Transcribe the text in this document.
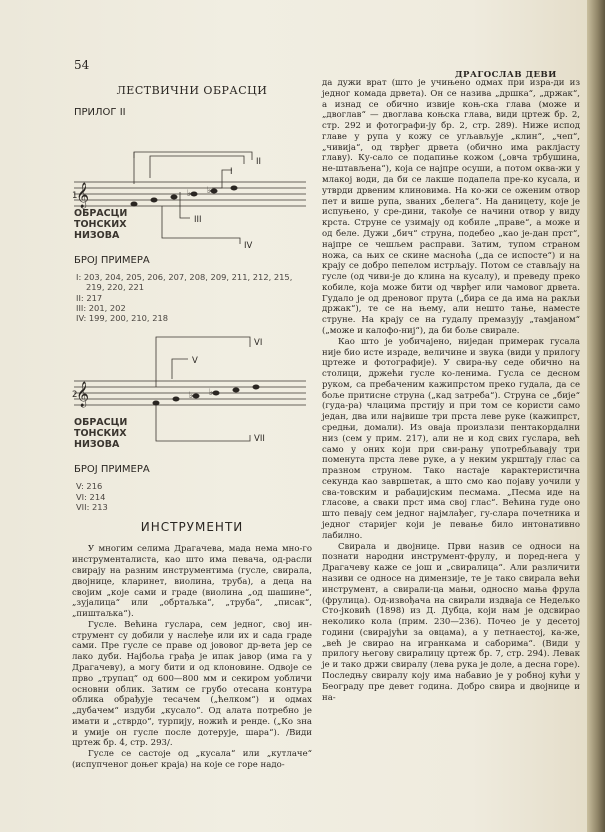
54
ДРАГОСЛАВ ДЕВИ
ЛЕСТВИЧНИ ОБРАСЦИ
ПРИЛОГ II
𝄞	♭ ♭
1
II
I
III
IV
ОБРАСЦИ
ТОНСКИХ
НИЗОВА
БРОЈ ПРИМЕРА
I: 203, 204, 205, 206, 207, 208, 209, 211, 212, 215,
219, 220, 221
II: 217
III: 201, 202
IV: 199, 200, 210, 218
𝄞	♭ ♭
2
VI
V
VII
ОБРАСЦИ
ТОНСКИХ
НИЗОВА
БРОЈ ПРИМЕРА
V: 216
VI: 214
VII: 213
ИНСТРУМЕНТИ

У многим селима Драгачева, мада нема мно-го инструменталиста, као што има певача, од-расли свирају на разним инструментима (гусле, свирала, двојнице, кларинет, виолина, труба), а деца на својим „које сами и граде (виолина „од шашине“, „зујалица“ или „обртаљка“, „труба“, „писак“, „пиштаљка“).

Гусле. Већина гуслара, сем једног, свој ин-струмент су добили у наслеђе или их и сада граде сами. Пре гусле се праве од јововог др-вета јер се лако дуби. Најбоља грађа је ипак јавор (има га у Драгачеву), а могу бити и од клоновине. Одвоје се прво „трупац“ од 600—800 мм и секиром уобличи основни облик. Затим се грубо отесана контура облика обрађује тесачем („ћелком“) и одмах „дубачем“ издуби „кусало“. Од алата потребно је имати и „стврдо“, турпију, ножић и ренде. („Ко зна и умије он гусле после дотерује, шара“). /Види цртеж бр. 4, стр. 293/.

Гусле се састоје од „кусала“ или „кутлаче“ (испупченог доњег краја) на које се горе надо-

да дужи врат (што је учињено одмах при изра-ди из једног комада дрвета). Он се назива „дршка“, „држак“, а изнад се обично извије коњ-ска глава (може и „двоглав“ — двоглава коњска глава, види цртеж бр. 2, стр. 292 и фотографи-ју бр. 2, стр. 289). Ниже испод главе у рупа у кожу се угљављује „клин“, „чеп“, „чивија“, од тврђег дрвета (обично има раклјасту главу). Ку-сало се подапиње кожом („овча трбушина, не-штављена“), која се најпре осуши, а потом оква-жи у млакој води, да би се лакше подапела пре-ко кусала, и утврди дрвеним клиновима. На ко-жи се оженим отвор пет и више рупа, званих „белега“. На даницету, које је испуњено, у сре-дини, такође се начини отвор у виду крста. Струне се узимају од кобиле „праве“, а може и од беле. Дужи „бич“ струна, подебео „као је-дан прст“, најпре се чешљем расправи. Затим, тупом страном ножа, са њих се скине масноћа („да се испосте“) и на крају се добро пепелом истрљају. Потом се стављају на гусле (од чиви-је до клина на кусалу), и преведу преко кобиле, која може бити од чврђег или чамовог дрвета. Гудало је од дреновог прута („бира се да има на ракљи држак“), те се на њему, али нешто тање, наместе струне. На крају се на гудалу премазују „тамјаном“ („може и калофо-ниј“), да би боље свирале.

Као што је уобичајено, ниједан примерак гусала није био исте израде, величине и звука (види у прилогу цртеже и фотографије). У свира-њу седе обично на столици, држећи гусле ко-ленима. Гусла се десном руком, са пребаченим кажипрстом преко гудала, да се боље притисне струна („кад затреба“). Струна се „бије“ (гуда-ра) члацима прстију и при том се користи само један, два или највише три прста леве руке (кажипрст, средњи, домали). Из оваја произлази пентакордални низ (сем у прим. 217), али не и код свих гуслара, већ само у оних који при сви-рању употребљавају три поменута прста леве руке, а у неким укрштају глас са празном струном. Тако настаје карактеристична секунда као завршетак, а што смо као појаву уочили у сва-товским и рабаџијским песмама. „Песма иде на гласове, а сваки прст има свој глас“. Већина гуде оно што певају сем једног најмлађег, гу-слара почетника и једног старијег који је певање било интонативно лабилно.

Свирала и двојнице. Први назив се односи на познати народни инструмент-фрулу, и поред-нега у Драгачеву каже се још и „свиралица“. Али различити називи се односе на димензије, те је тако свирала већи инструмент, а свирали-ца мањи, односно мања фрула (фрулица). Од-извођача на свирали издваја се Недељко Сто-јковић (1898) из Д. Дубца, који нам је одсвирао неколико кола (прим. 230—236). Почео је у десетој години (свирајући за овцама), а у петнаестој, ка-же, „већ је свирао на игранкама и саборима“. (Види у прилогу његову свиралицу цртеж бр. 7, стр. 294). Левак је и тако држи свиралу (лева рука је доле, а десна горе). Последњу свиралу коју има набавио је у робној кући у Београду пре девет година. Добро свира и двојнице и на-
